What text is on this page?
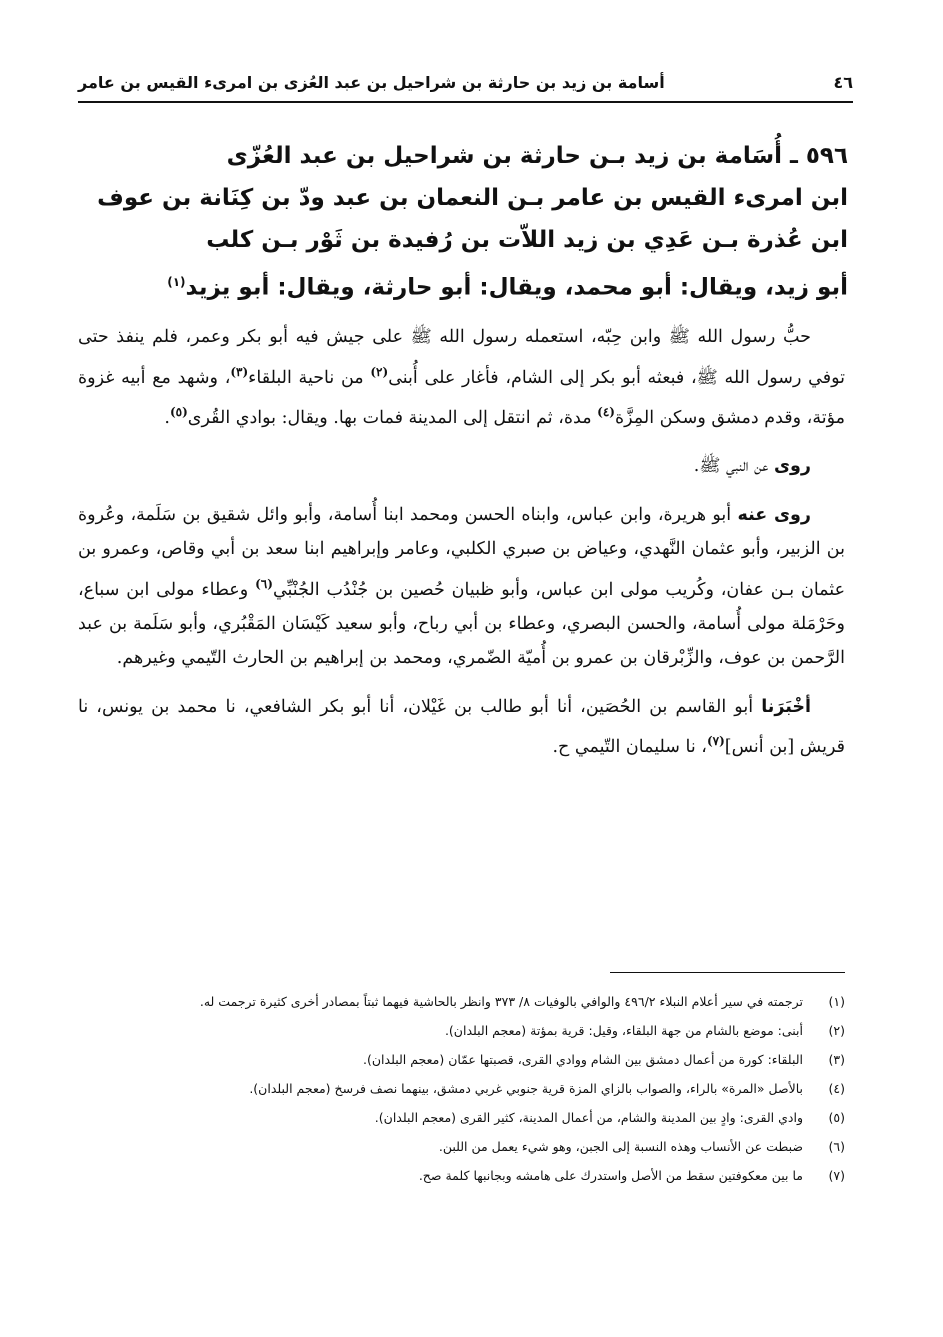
٤٦
أسامة بن زيد بن حارثة بن شراحيل بن عبد العُزى بن امرىء القيس بن عامر
٥٩٦ ـ أُسَامة بن زيد بـن حارثة بن شراحيل بن عبد العُزّى
ابن امرىء القيس بن عامر بـن النعمان بن عبد ودّ بن كِنَانة بن عوف
ابن عُذرة بـن عَدِي بن زيد اللاّت بن رُفيدة بن ثَوْر بـن كلب
أبو زيد، ويقال: أبو محمد، ويقال: أبو حارثة، ويقال: أبو يزيد$^{(١)}$

حبُّ رسول الله ﷺ وابن حِبّه، استعمله رسول الله ﷺ على جيش فيه أبو بكر وعمر، فلم ينفذ حتى توفي رسول الله ﷺ، فبعثه أبو بكر إلى الشام، فأغار على أُبنى$^{(٢)}$ من ناحية البلقاء$^{(٣)}$، وشهد مع أبيه غزوة مؤتة، وقدم دمشق وسكن المِزَّة$^{(٤)}$ مدة، ثم انتقل إلى المدينة فمات بها. ويقال: بوادي القُرى$^{(٥)}$.

روى عن النبي ﷺ.

روى عنه أبو هريرة، وابن عباس، وابناه الحسن ومحمد ابنا أُسامة، وأبو وائل شقيق بن سَلَمة، وعُروة بن الزبير، وأبو عثمان النَّهدي، وعياض بن صبري الكلبي، وعامر وإبراهيم ابنا سعد بن أبي وقاص، وعمرو بن عثمان بـن عفان، وكُريب مولى ابن عباس، وأبو ظبيان حُصين بن جُنْدُب الجُنْبِّي$^{(٦)}$ وعطاء مولى ابن سباع، وحَرْمَلة مولى أُسامة، والحسن البصري، وعطاء بن أبي رباح، وأبو سعيد كَيْسَان المَقْبُري، وأبو سَلَمة بن عبد الرَّحمن بن عوف، والزِّبْرقان بن عمرو بن أُميّة الضّمري، ومحمد بن إبراهيم بن الحارث التّيمي وغيرهم.

أخْبَرَنا أبو القاسم بن الحُصَين، أنا أبو طالب بن غَيْلان، أنا أبو بكر الشافعي، نا محمد بن يونس، نا قريش [بن أنس]$^{(٧)}$، نا سليمان التّيمي ح.

(١)
ترجمته في سير أعلام النبلاء ٤٩٦/٢ والوافي بالوفيات ٨/ ٣٧٣ وانظر بالحاشية فيهما ثبتاً بمصادر أخرى كثيرة ترجمت له.
(٢)
أبنى: موضع بالشام من جهة البلقاء، وقيل: قرية بمؤتة (معجم البلدان).
(٣)
البلقاء: كورة من أعمال دمشق بين الشام ووادي القرى، قصبتها عمّان (معجم البلدان).
(٤)
بالأصل «المرة» بالراء، والصواب بالزاي المزة قرية جنوبي غربي دمشق، بينهما نصف فرسخ (معجم البلدان).
(٥)
وادي القرى: وادٍ بين المدينة والشام، من أعمال المدينة، كثير القرى (معجم البلدان).
(٦)
ضبطت عن الأنساب وهذه النسبة إلى الجبن، وهو شيء يعمل من اللبن.
(٧)
ما بين معكوفتين سقط من الأصل واستدرك على هامشه وبجانبها كلمة صح.
